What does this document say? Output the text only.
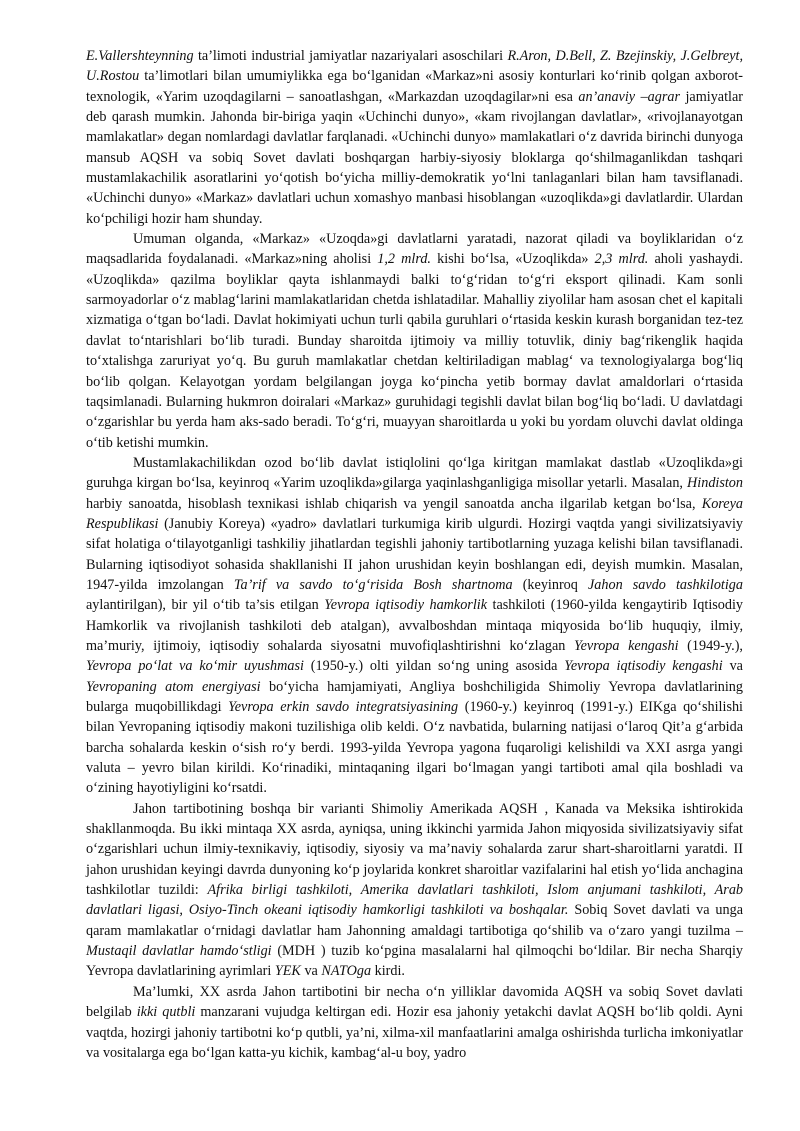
E.Vallershteynning ta’limoti industrial jamiyatlar nazariyalari asoschilari R.Aron, D.Bell, Z. Bzejinskiy, J.Gelbreyt, U.Rostou ta’limotlari bilan umumiylikka ega bo‘lganidan «Markaz»ni asosiy konturlari ko‘rinib qolgan axborot-texnologik, «Yarim uzoqdagilarni – sanoatlashgan, «Markazdan uzoqdagilar»ni esa an’anaviy –agrar jamiyatlar deb qarash mumkin. Jahonda bir-biriga yaqin «Uchinchi dunyo», «kam rivojlangan davlatlar», «rivojlanayotgan mamlakatlar» degan nomlardagi davlatlar farqlanadi. «Uchinchi dunyo» mamlakatlari o‘z davrida birinchi dunyoga mansub AQSH va sobiq Sovet davlati boshqargan harbiy-siyosiy bloklarga qo‘shilmaganlikdan tashqari mustamlakachilik asoratlarini yo‘qotish bo‘yicha milliy-demokratik yo‘lni tanlaganlari bilan ham tavsiflanadi. «Uchinchi dunyo» «Markaz» davlatlari uchun xomashyo manbasi hisoblangan «uzoqlikda»gi davlatlardir. Ulardan ko‘pchiligi hozir ham shunday.

Umuman olganda, «Markaz» «Uzoqda»gi davlatlarni yaratadi, nazorat qiladi va boyliklaridan o‘z maqsadlarida foydalanadi. «Markaz»ning aholisi 1,2 mlrd. kishi bo‘lsa, «Uzoqlikda» 2,3 mlrd. aholi yashaydi. «Uzoqlikda» qazilma boyliklar qayta ishlanmaydi balki to‘g‘ridan to‘g‘ri eksport qilinadi. Kam sonli sarmoyadorlar o‘z mablag‘larini mamlakatlaridan chetda ishlatadilar. Mahalliy ziyolilar ham asosan chet el kapitali xizmatiga o‘tgan bo‘ladi. Davlat hokimiyati uchun turli qabila guruhlari o‘rtasida keskin kurash borganidan tez-tez davlat to‘ntarishlari bo‘lib turadi. Bunday sharoitda ijtimoiy va milliy totuvlik, diniy bag‘rikenglik haqida to‘xtalishga zaruriyat yo‘q. Bu guruh mamlakatlar chetdan keltiriladigan mablag‘ va texnologiyalarga bog‘liq bo‘lib qolgan. Kelayotgan yordam belgilangan joyga ko‘pincha yetib bormay davlat amaldorlari o‘rtasida taqsimlanadi. Bularning hukmron doiralari «Markaz» guruhidagi tegishli davlat bilan bog‘liq bo‘ladi. U davlatdagi o‘zgarishlar bu yerda ham aks-sado beradi. To‘g‘ri, muayyan sharoitlarda u yoki bu yordam oluvchi davlat oldinga o‘tib ketishi mumkin.

Mustamlakachilikdan ozod bo‘lib davlat istiqlolini qo‘lga kiritgan mamlakat dastlab «Uzoqlikda»gi guruhga kirgan bo‘lsa, keyinroq «Yarim uzoqlikda»gilarga yaqinlashganligiga misollar yetarli. Masalan, Hindiston harbiy sanoatda, hisoblash texnikasi ishlab chiqarish va yengil sanoatda ancha ilgarilab ketgan bo‘lsa, Koreya Respublikasi (Janubiy Koreya) «yadro» davlatlari turkumiga kirib ulgurdi. Hozirgi vaqtda yangi sivilizatsiyaviy sifat holatiga o‘tilayotganligi tashkiliy jihatlardan tegishli jahoniy tartibotlarning yuzaga kelishi bilan tavsiflanadi. Bularning iqtisodiyot sohasida shakllanishi II jahon urushidan keyin boshlangan edi, deyish mumkin. Masalan, 1947-yilda imzolangan Ta’rif va savdo to‘g‘risida Bosh shartnoma (keyinroq Jahon savdo tashkilotiga aylantirilgan), bir yil o‘tib ta’sis etilgan Yevropa iqtisodiy hamkorlik tashkiloti (1960-yilda kengaytirib Iqtisodiy Hamkorlik va rivojlanish tashkiloti deb atalgan), avvalboshdan mintaqa miqyosida bo‘lib huquqiy, ilmiy, ma’muriy, ijtimoiy, iqtisodiy sohalarda siyosatni muvofiqlashtirishni ko‘zlagan Yevropa kengashi (1949-y.), Yevropa po‘lat va ko‘mir uyushmasi (1950-y.) olti yildan so‘ng uning asosida Yevropa iqtisodiy kengashi va Yevropaning atom energiyasi bo‘yicha hamjamiyati, Angliya boshchiligida Shimoliy Yevropa davlatlarining bularga muqobillikdagi Yevropa erkin savdo integratsiyasining (1960-y.) keyinroq (1991-y.) EIKga qo‘shilishi bilan Yevropaning iqtisodiy makoni tuzilishiga olib keldi. O‘z navbatida, bularning natijasi o‘laroq Qit’a g‘arbida barcha sohalarda keskin o‘sish ro‘y berdi. 1993-yilda Yevropa yagona fuqaroligi kelishildi va XXI asrga yangi valuta – yevro bilan kirildi. Ko‘rinadiki, mintaqaning ilgari bo‘lmagan yangi tartiboti amal qila boshladi va o‘zining hayotiyligini ko‘rsatdi.

Jahon tartibotining boshqa bir varianti Shimoliy Amerikada AQSH , Kanada va Meksika ishtirokida shakllanmoqda. Bu ikki mintaqa XX asrda, ayniqsa, uning ikkinchi yarmida Jahon miqyosida sivilizatsiyaviy sifat o‘zgarishlari uchun ilmiy-texnikaviy, iqtisodiy, siyosiy va ma’naviy sohalarda zarur shart-sharoitlarni yaratdi. II jahon urushidan keyingi davrda dunyoning ko‘p joylarida konkret sharoitlar vazifalarini hal etish yo‘lida anchagina tashkilotlar tuzildi: Afrika birligi tashkiloti, Amerika davlatlari tashkiloti, Islom anjumani tashkiloti, Arab davlatlari ligasi, Osiyo-Tinch okeani iqtisodiy hamkorligi tashkiloti va boshqalar. Sobiq Sovet davlati va unga qaram mamlakatlar o‘rnidagi davlatlar ham Jahonning amaldagi tartibotiga qo‘shilib va o‘zaro yangi tuzilma – Mustaqil davlatlar hamdo‘stligi (MDH ) tuzib ko‘pgina masalalarni hal qilmoqchi bo‘ldilar. Bir necha Sharqiy Yevropa davlatlarining ayrimlari YEK va NATOga kirdi.

Ma’lumki, XX asrda Jahon tartibotini bir necha o‘n yilliklar davomida AQSH va sobiq Sovet davlati belgilab ikki qutbli manzarani vujudga keltirgan edi. Hozir esa jahoniy yetakchi davlat AQSH bo‘lib qoldi. Ayni vaqtda, hozirgi jahoniy tartibotni ko‘p qutbli, ya’ni, xilma-xil manfaatlarini amalga oshirishda turlicha imkoniyatlar va vositalarga ega bo‘lgan katta-yu kichik, kambag‘al-u boy, yadro
